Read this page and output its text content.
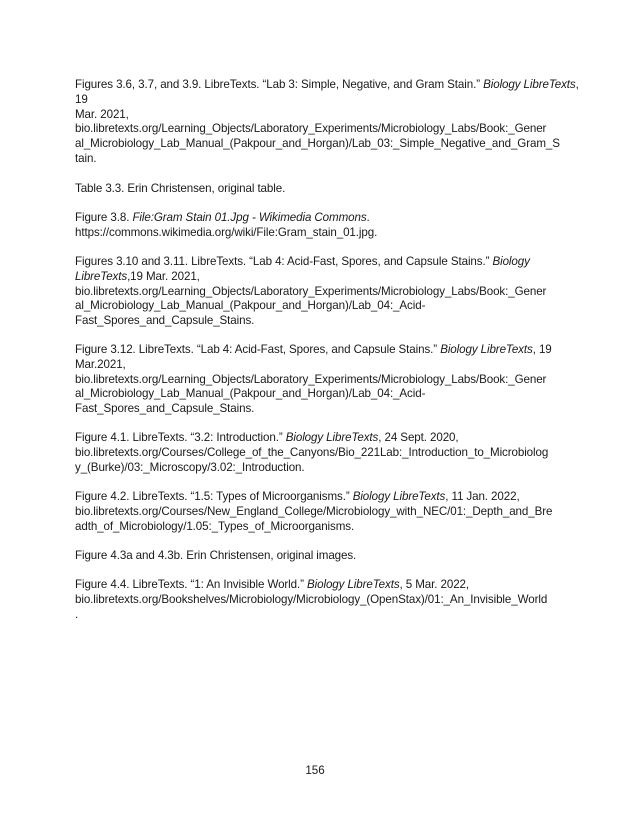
Figures 3.6, 3.7, and 3.9. LibreTexts. “Lab 3: Simple, Negative, and Gram Stain.” Biology LibreTexts,
19
Mar. 2021,
bio.libretexts.org/Learning_Objects/Laboratory_Experiments/Microbiology_Labs/Book:_Gener
al_Microbiology_Lab_Manual_(Pakpour_and_Horgan)/Lab_03:_Simple_Negative_and_Gram_S
tain.
Table 3.3. Erin Christensen, original table.
Figure 3.8. File:Gram Stain 01.Jpg - Wikimedia Commons.
https://commons.wikimedia.org/wiki/File:Gram_stain_01.jpg.
Figures 3.10 and 3.11. LibreTexts. “Lab 4: Acid-Fast, Spores, and Capsule Stains.” Biology
LibreTexts,19 Mar. 2021,
bio.libretexts.org/Learning_Objects/Laboratory_Experiments/Microbiology_Labs/Book:_Gener
al_Microbiology_Lab_Manual_(Pakpour_and_Horgan)/Lab_04:_Acid-
Fast_Spores_and_Capsule_Stains.
Figure 3.12. LibreTexts. “Lab 4: Acid-Fast, Spores, and Capsule Stains.” Biology LibreTexts, 19
Mar.2021,
bio.libretexts.org/Learning_Objects/Laboratory_Experiments/Microbiology_Labs/Book:_Gener
al_Microbiology_Lab_Manual_(Pakpour_and_Horgan)/Lab_04:_Acid-
Fast_Spores_and_Capsule_Stains.
Figure 4.1. LibreTexts. “3.2: Introduction.” Biology LibreTexts, 24 Sept. 2020,
bio.libretexts.org/Courses/College_of_the_Canyons/Bio_221Lab:_Introduction_to_Microbiolog
y_(Burke)/03:_Microscopy/3.02:_Introduction.
Figure 4.2. LibreTexts. “1.5: Types of Microorganisms.” Biology LibreTexts, 11 Jan. 2022,
bio.libretexts.org/Courses/New_England_College/Microbiology_with_NEC/01:_Depth_and_Bre
adth_of_Microbiology/1.05:_Types_of_Microorganisms.
Figure 4.3a and 4.3b. Erin Christensen, original images.
Figure 4.4. LibreTexts. “1: An Invisible World.” Biology LibreTexts, 5 Mar. 2022,
bio.libretexts.org/Bookshelves/Microbiology/Microbiology_(OpenStax)/01:_An_Invisible_World
.
156
